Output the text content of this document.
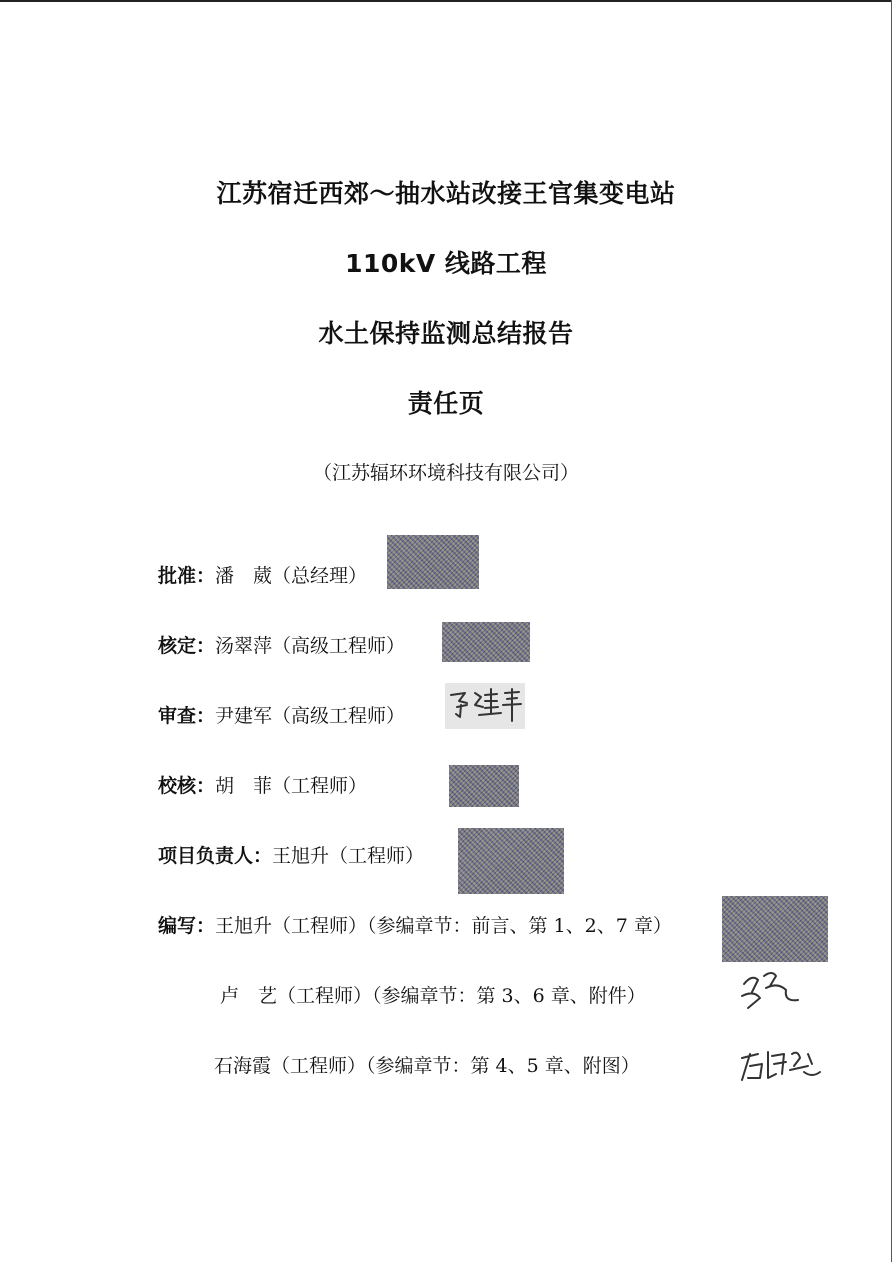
江苏宿迁西郊～抽水站改接王官集变电站
110kV 线路工程
水土保持监测总结报告
责任页
（江苏辐环环境科技有限公司）
批准：潘　葳（总经理）
核定：汤翠萍（高级工程师）
审查：尹建军（高级工程师）
校核：胡　菲（工程师）
项目负责人：王旭升（工程师）
编写：王旭升（工程师）（参编章节：前言、第 1、2、7 章）
卢　艺（工程师）（参编章节：第 3、6 章、附件）
石海霞（工程师）（参编章节：第 4、5 章、附图）
